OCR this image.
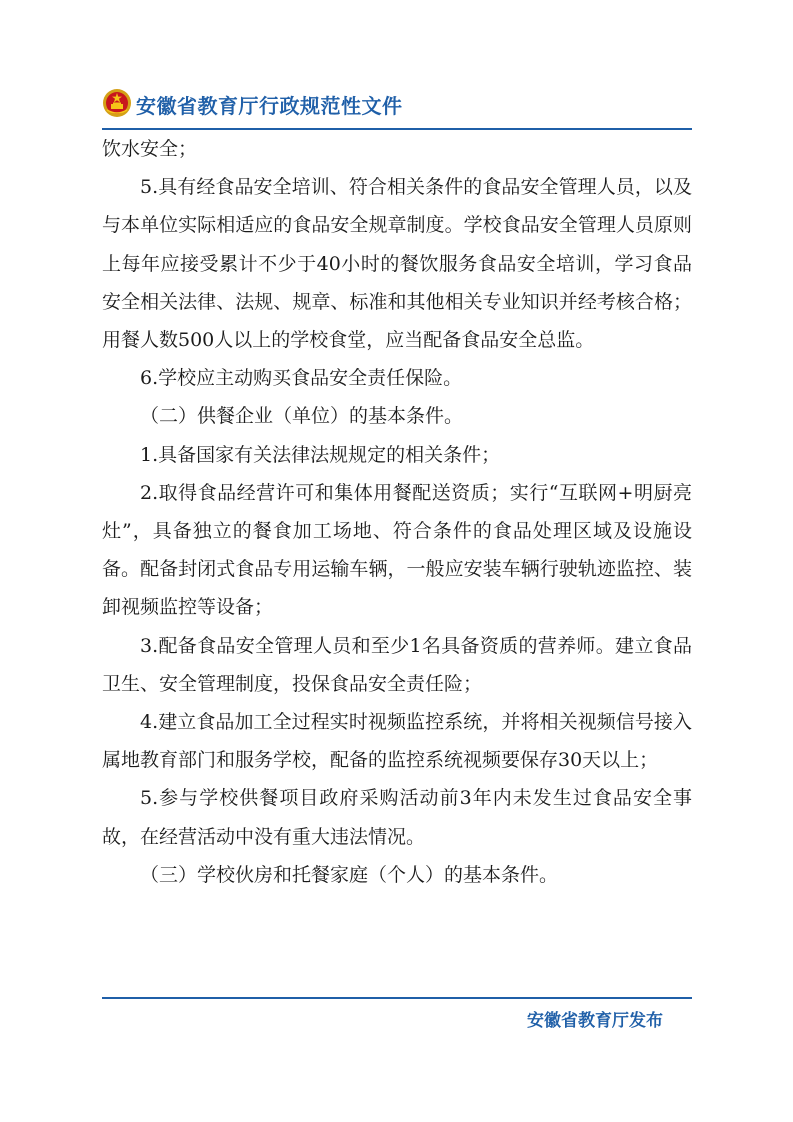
安徽省教育厅行政规范性文件

饮水安全；

5.具有经食品安全培训、符合相关条件的食品安全管理人员，以及与本单位实际相适应的食品安全规章制度。学校食品安全管理人员原则上每年应接受累计不少于40小时的餐饮服务食品安全培训，学习食品安全相关法律、法规、规章、标准和其他相关专业知识并经考核合格；用餐人数500人以上的学校食堂，应当配备食品安全总监。

6.学校应主动购买食品安全责任保险。

（二）供餐企业（单位）的基本条件。

1.具备国家有关法律法规规定的相关条件；

2.取得食品经营许可和集体用餐配送资质；实行“互联网+明厨亮灶”，具备独立的餐食加工场地、符合条件的食品处理区域及设施设备。配备封闭式食品专用运输车辆，一般应安装车辆行驶轨迹监控、装卸视频监控等设备；

3.配备食品安全管理人员和至少1名具备资质的营养师。建立食品卫生、安全管理制度，投保食品安全责任险；

4.建立食品加工全过程实时视频监控系统，并将相关视频信号接入属地教育部门和服务学校，配备的监控系统视频要保存30天以上；

5.参与学校供餐项目政府采购活动前3年内未发生过食品安全事故，在经营活动中没有重大违法情况。

（三）学校伙房和托餐家庭（个人）的基本条件。

安徽省教育厅发布
